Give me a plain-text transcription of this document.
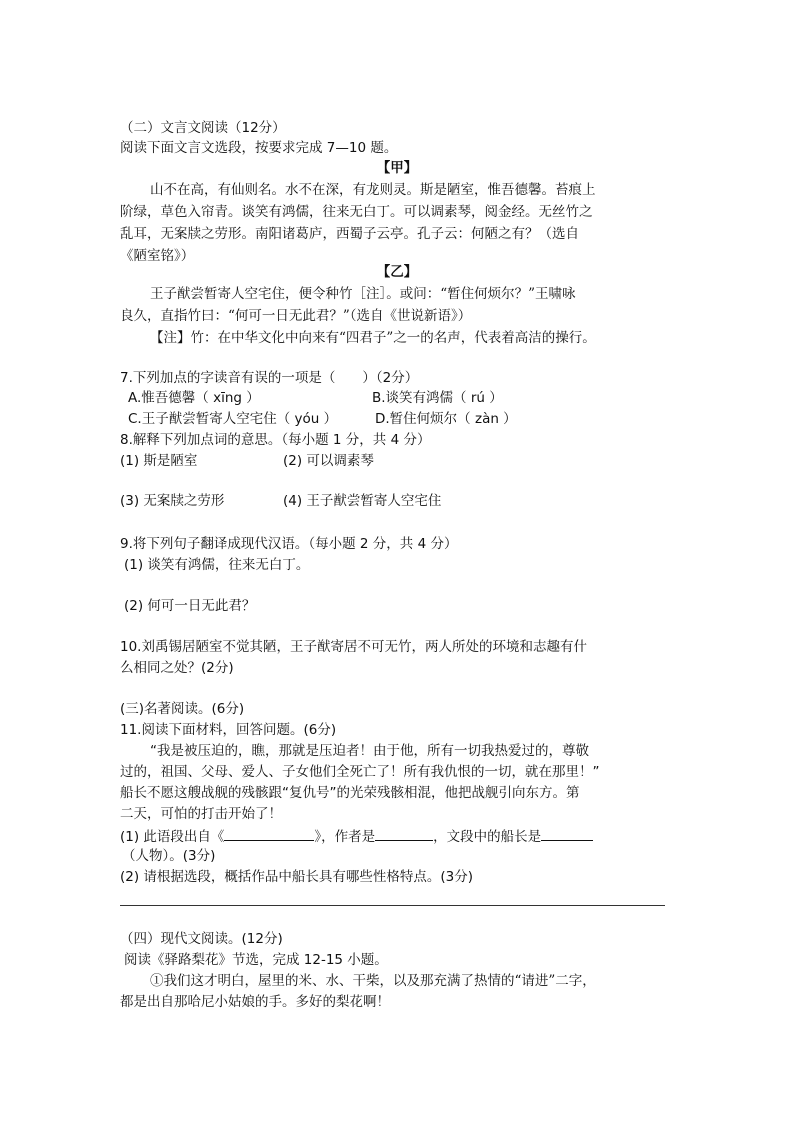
（二）文言文阅读（12分）
阅读下面文言文选段，按要求完成 7—10 题。
【甲】
山不在高，有仙则名。水不在深，有龙则灵。斯是陋室，惟吾德馨。苔痕上
阶绿，草色入帘青。谈笑有鸿儒，往来无白丁。可以调素琴，阅金经。无丝竹之
乱耳，无案牍之劳形。南阳诸葛庐，西蜀子云亭。孔子云：何陋之有？（选自
《陋室铭》）
【乙】
王子猷尝暂寄人空宅住，便令种竹［注］。或问：“暂住何烦尔？”王啸咏
良久，直指竹曰：“何可一日无此君？”（选自《世说新语》）
【注】竹：在中华文化中向来有“四君子”之一的名声，代表着高洁的操行。
7.下列加点的字读音有误的一项是（　　）（2分）
A.惟吾德馨（ xīng ）	B.谈笑有鸿儒（ rú ）
C.王子猷尝暂寄人空宅住（ yóu ）	D.暂住何烦尔（ zàn ）
8.解释下列加点词的意思。（每小题 1 分，共 4 分）
(1) 斯是陋室	(2) 可以调素琴
(3) 无案牍之劳形	(4) 王子猷尝暂寄人空宅住
9.将下列句子翻译成现代汉语。（每小题 2 分，共 4 分）
(1) 谈笑有鸿儒，往来无白丁。
(2) 何可一日无此君？
10.刘禹锡居陋室不觉其陋，王子猷寄居不可无竹，两人所处的环境和志趣有什
么相同之处？(2分)
(三)名著阅读。(6分)
11.阅读下面材料，回答问题。(6分)
“我是被压迫的，瞧，那就是压迫者！由于他，所有一切我热爱过的，尊敬
过的，祖国、父母、爱人、子女他们全死亡了！所有我仇恨的一切，就在那里！”
船长不愿这艘战舰的残骸跟“复仇号”的光荣残骸相混，他把战舰引向东方。第
二天，可怕的打击开始了！
(1) 此语段出自《	》，作者是	，文段中的船长是
（人物）。(3分)
(2) 请根据选段，概括作品中船长具有哪些性格特点。(3分)
（四）现代文阅读。(12分)
阅读《驿路梨花》节选，完成 12-15 小题。
①我们这才明白，屋里的米、水、干柴，以及那充满了热情的“请进”二字，
都是出自那哈尼小姑娘的手。多好的梨花啊！
